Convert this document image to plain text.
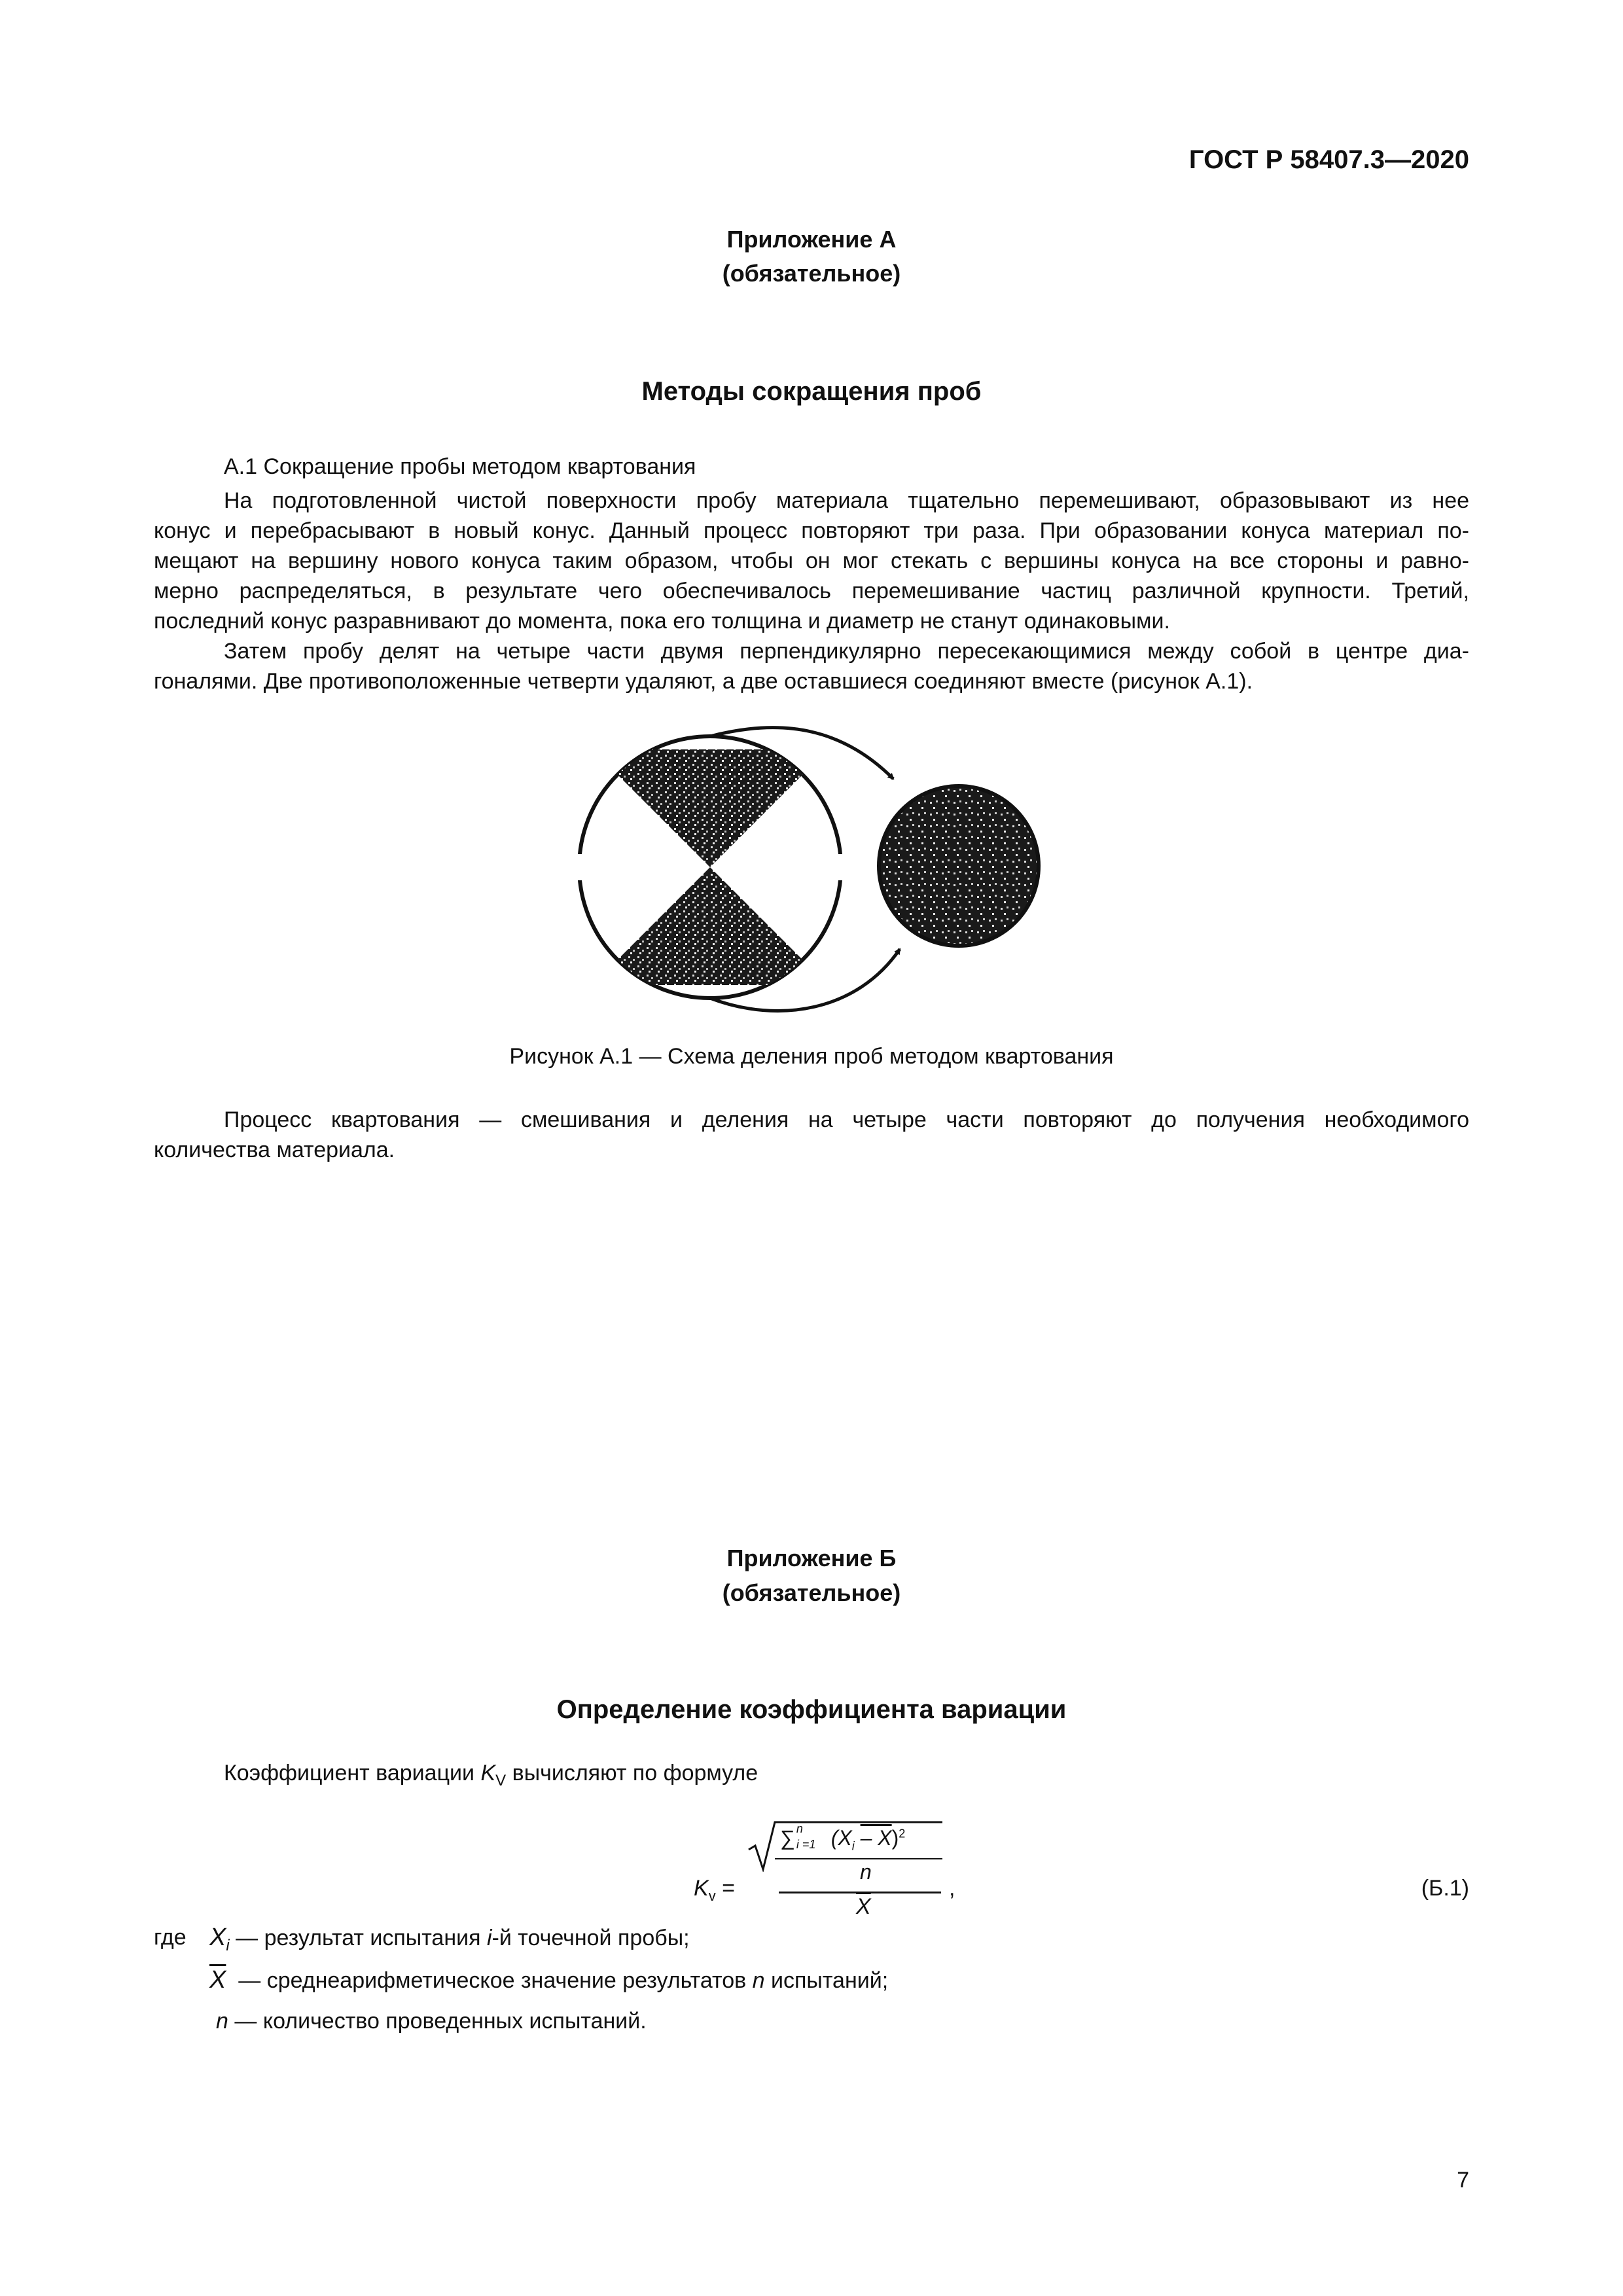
ГОСТ Р 58407.3—2020
Приложение А
(обязательное)
Методы сокращения проб

А.1 Сокращение пробы методом квартования

На подготовленной чистой поверхности пробу материала тщательно перемешивают, образовывают из нее

конус и перебрасывают в новый конус. Данный процесс повторяют три раза. При образовании конуса материал по-
мещают на вершину нового конуса таким образом, чтобы он мог стекать с вершины конуса на все стороны и равно-
мерно распределяться, в результате чего обеспечивалось перемешивание частиц различной крупности. Третий,
последний конус разравнивают до момента, пока его толщина и диаметр не станут одинаковыми.

Затем пробу делят на четыре части двумя перпендикулярно пересекающимися между собой в центре диа-

гоналями. Две противоположенные четверти удаляют, а две оставшиеся соединяют вместе (рисунок А.1).
Рисунок А.1 — Схема деления проб методом квартования

Процесс квартования — смешивания и деления на четыре части повторяют до получения необходимого

количества материала.
Приложение Б
(обязательное)
Определение коэффициента вариации
Коэффициент вариации $K_V$ вычисляют по формуле
$K_v$ =
∑ n
i =1 $(X_i - X)^2$
n
$\overline{X}$
,	(Б.1)
где $X_i$ — результат испытания i-й точечной пробы;
$\overline{X}$ — среднеарифметическое значение результатов n испытаний;
n — количество проведенных испытаний.
7
